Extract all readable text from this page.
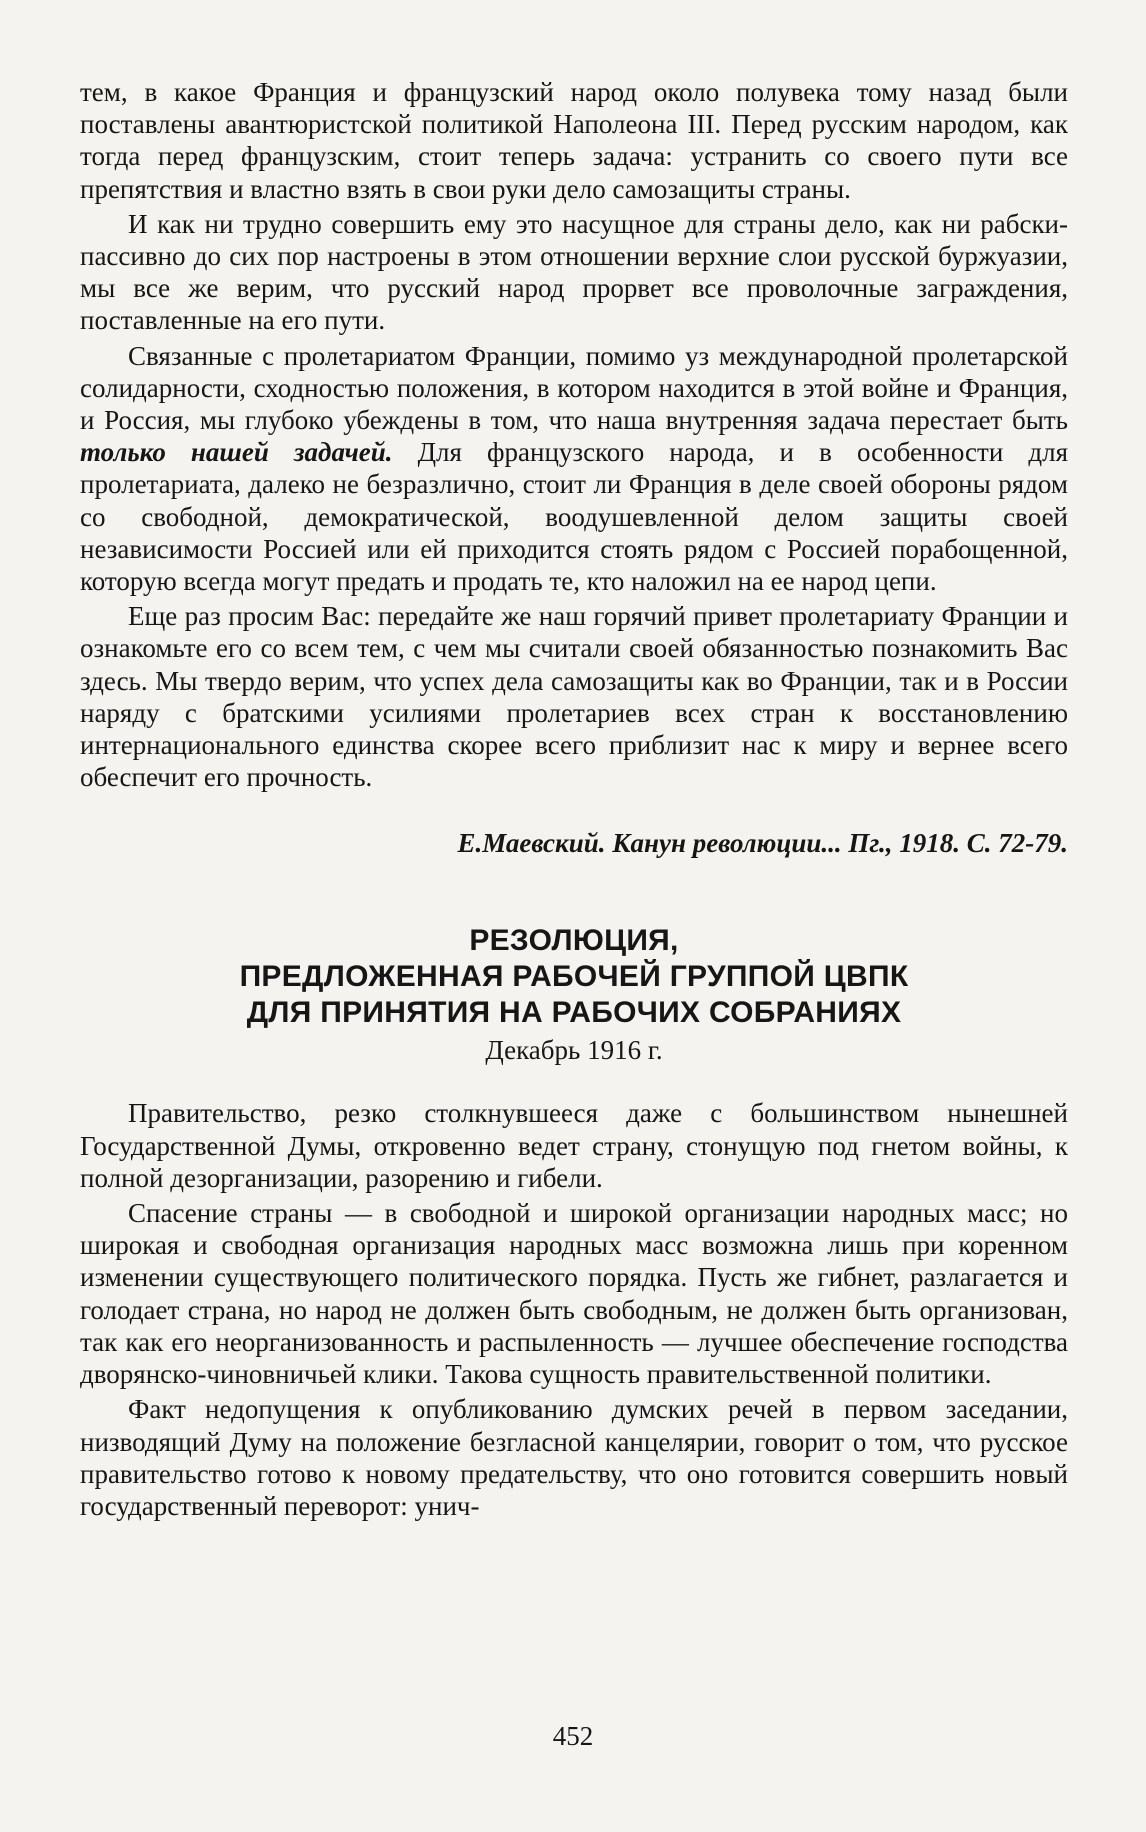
тем, в какое Франция и французский народ около полувека тому назад были поставлены авантюристской политикой Наполеона III. Перед русским народом, как тогда перед французским, стоит теперь задача: устранить со своего пути все препятствия и властно взять в свои руки дело самозащиты страны.

И как ни трудно совершить ему это насущное для страны дело, как ни рабски-пассивно до сих пор настроены в этом отношении верхние слои русской буржуазии, мы все же верим, что русский народ прорвет все проволочные заграждения, поставленные на его пути.

Связанные с пролетариатом Франции, помимо уз международной пролетарской солидарности, сходностью положения, в котором находится в этой войне и Франция, и Россия, мы глубоко убеждены в том, что наша внутренняя задача перестает быть только нашей задачей. Для французского народа, и в особенности для пролетариата, далеко не безразлично, стоит ли Франция в деле своей обороны рядом со свободной, демократической, воодушевленной делом защиты своей независимости Россией или ей приходится стоять рядом с Россией порабощенной, которую всегда могут предать и продать те, кто наложил на ее народ цепи.

Еще раз просим Вас: передайте же наш горячий привет пролетариату Франции и ознакомьте его со всем тем, с чем мы считали своей обязанностью познакомить Вас здесь. Мы твердо верим, что успех дела самозащиты как во Франции, так и в России наряду с братскими усилиями пролетариев всех стран к восстановлению интернационального единства скорее всего приблизит нас к миру и вернее всего обеспечит его прочность.

Е.Маевский. Канун революции... Пг., 1918. С. 72-79.

РЕЗОЛЮЦИЯ,
ПРЕДЛОЖЕННАЯ РАБОЧЕЙ ГРУППОЙ ЦВПК
ДЛЯ ПРИНЯТИЯ НА РАБОЧИХ СОБРАНИЯХ

Декабрь 1916 г.

Правительство, резко столкнувшееся даже с большинством нынешней Государственной Думы, откровенно ведет страну, стонущую под гнетом войны, к полной дезорганизации, разорению и гибели.

Спасение страны — в свободной и широкой организации народных масс; но широкая и свободная организация народных масс возможна лишь при коренном изменении существующего политического порядка. Пусть же гибнет, разлагается и голодает страна, но народ не должен быть свободным, не должен быть организован, так как его неорганизованность и распыленность — лучшее обеспечение господства дворянско-чиновничьей клики. Такова сущность правительственной политики.

Факт недопущения к опубликованию думских речей в первом заседании, низводящий Думу на положение безгласной канцелярии, говорит о том, что русское правительство готово к новому предательству, что оно готовится совершить новый государственный переворот: унич-

452
